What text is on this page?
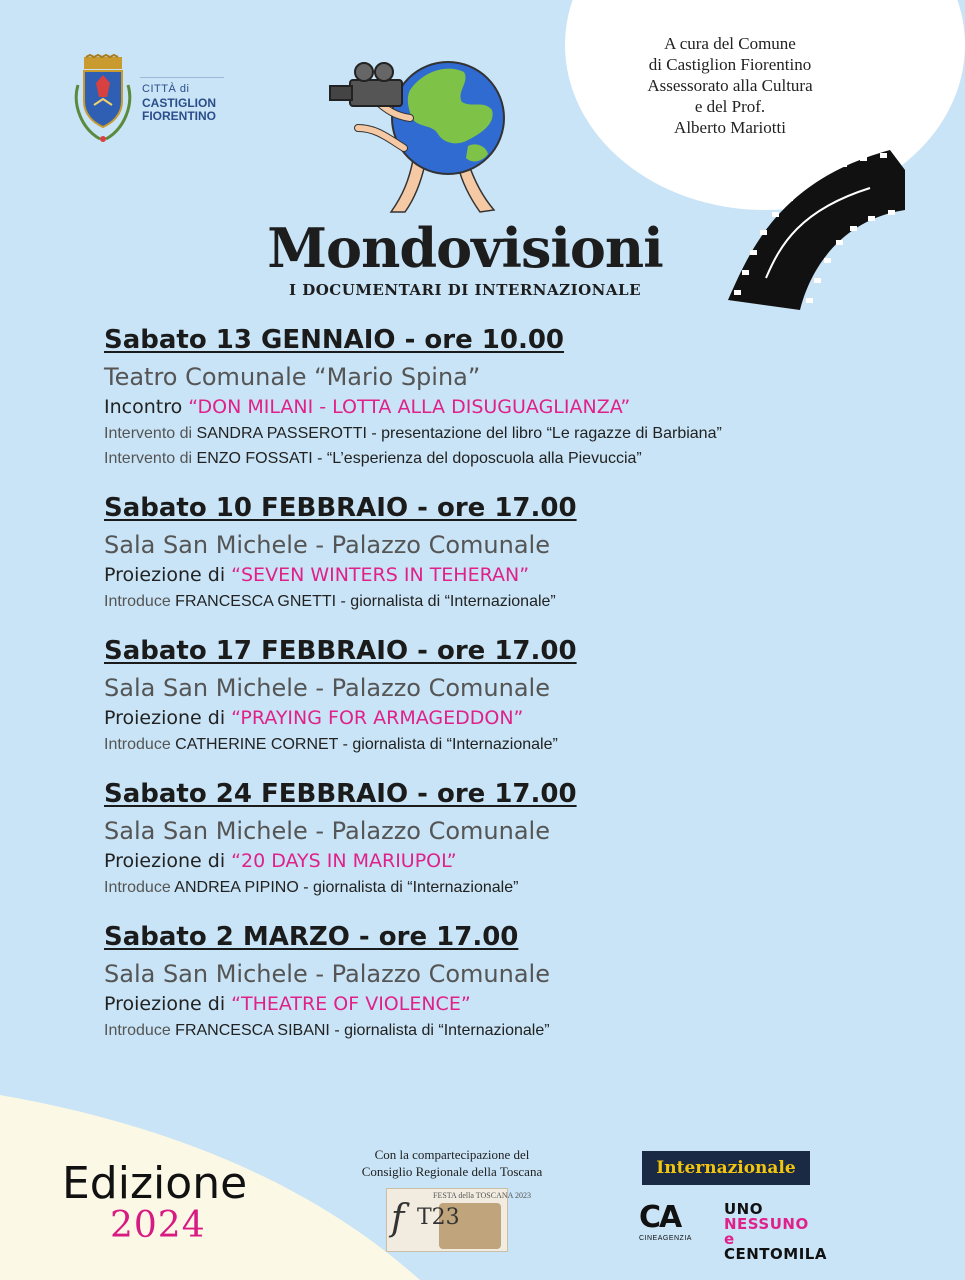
CITTÀ di
CASTIGLION
FIORENTINO
A cura del Comune
di Castiglion Fiorentino
Assessorato alla Cultura
e del Prof.
Alberto Mariotti
Mondovisioni
I DOCUMENTARI DI INTERNAZIONALE
Sabato 13 GENNAIO - ore 10.00
Teatro Comunale “Mario Spina”
Incontro “DON MILANI - LOTTA ALLA DISUGUAGLIANZA”
Intervento di SANDRA PASSEROTTI - presentazione del libro “Le ragazze di Barbiana”
Intervento di ENZO FOSSATI - “L’esperienza del doposcuola alla Pievuccia”
Sabato 10 FEBBRAIO - ore 17.00
Sala San Michele - Palazzo Comunale
Proiezione di “SEVEN WINTERS IN TEHERAN”
Introduce FRANCESCA GNETTI - giornalista di “Internazionale”
Sabato 17 FEBBRAIO - ore 17.00
Sala San Michele - Palazzo Comunale
Proiezione di “PRAYING FOR ARMAGEDDON”
Introduce CATHERINE CORNET - giornalista di “Internazionale”
Sabato 24 FEBBRAIO - ore 17.00
Sala San Michele - Palazzo Comunale
Proiezione di “20 DAYS IN MARIUPOL”
Introduce ANDREA PIPINO - giornalista di “Internazionale”
Sabato 2 MARZO - ore 17.00
Sala San Michele - Palazzo Comunale
Proiezione di “THEATRE OF VIOLENCE”
Introduce FRANCESCA SIBANI - giornalista di “Internazionale”
Edizione
2024
Con la compartecipazione del
Consiglio Regionale della Toscana
f T23
FESTA della TOSCANA 2023
Internazionale
CA
CINEAGENZIA
UNO
NESSUNO e
CENTOMILA
